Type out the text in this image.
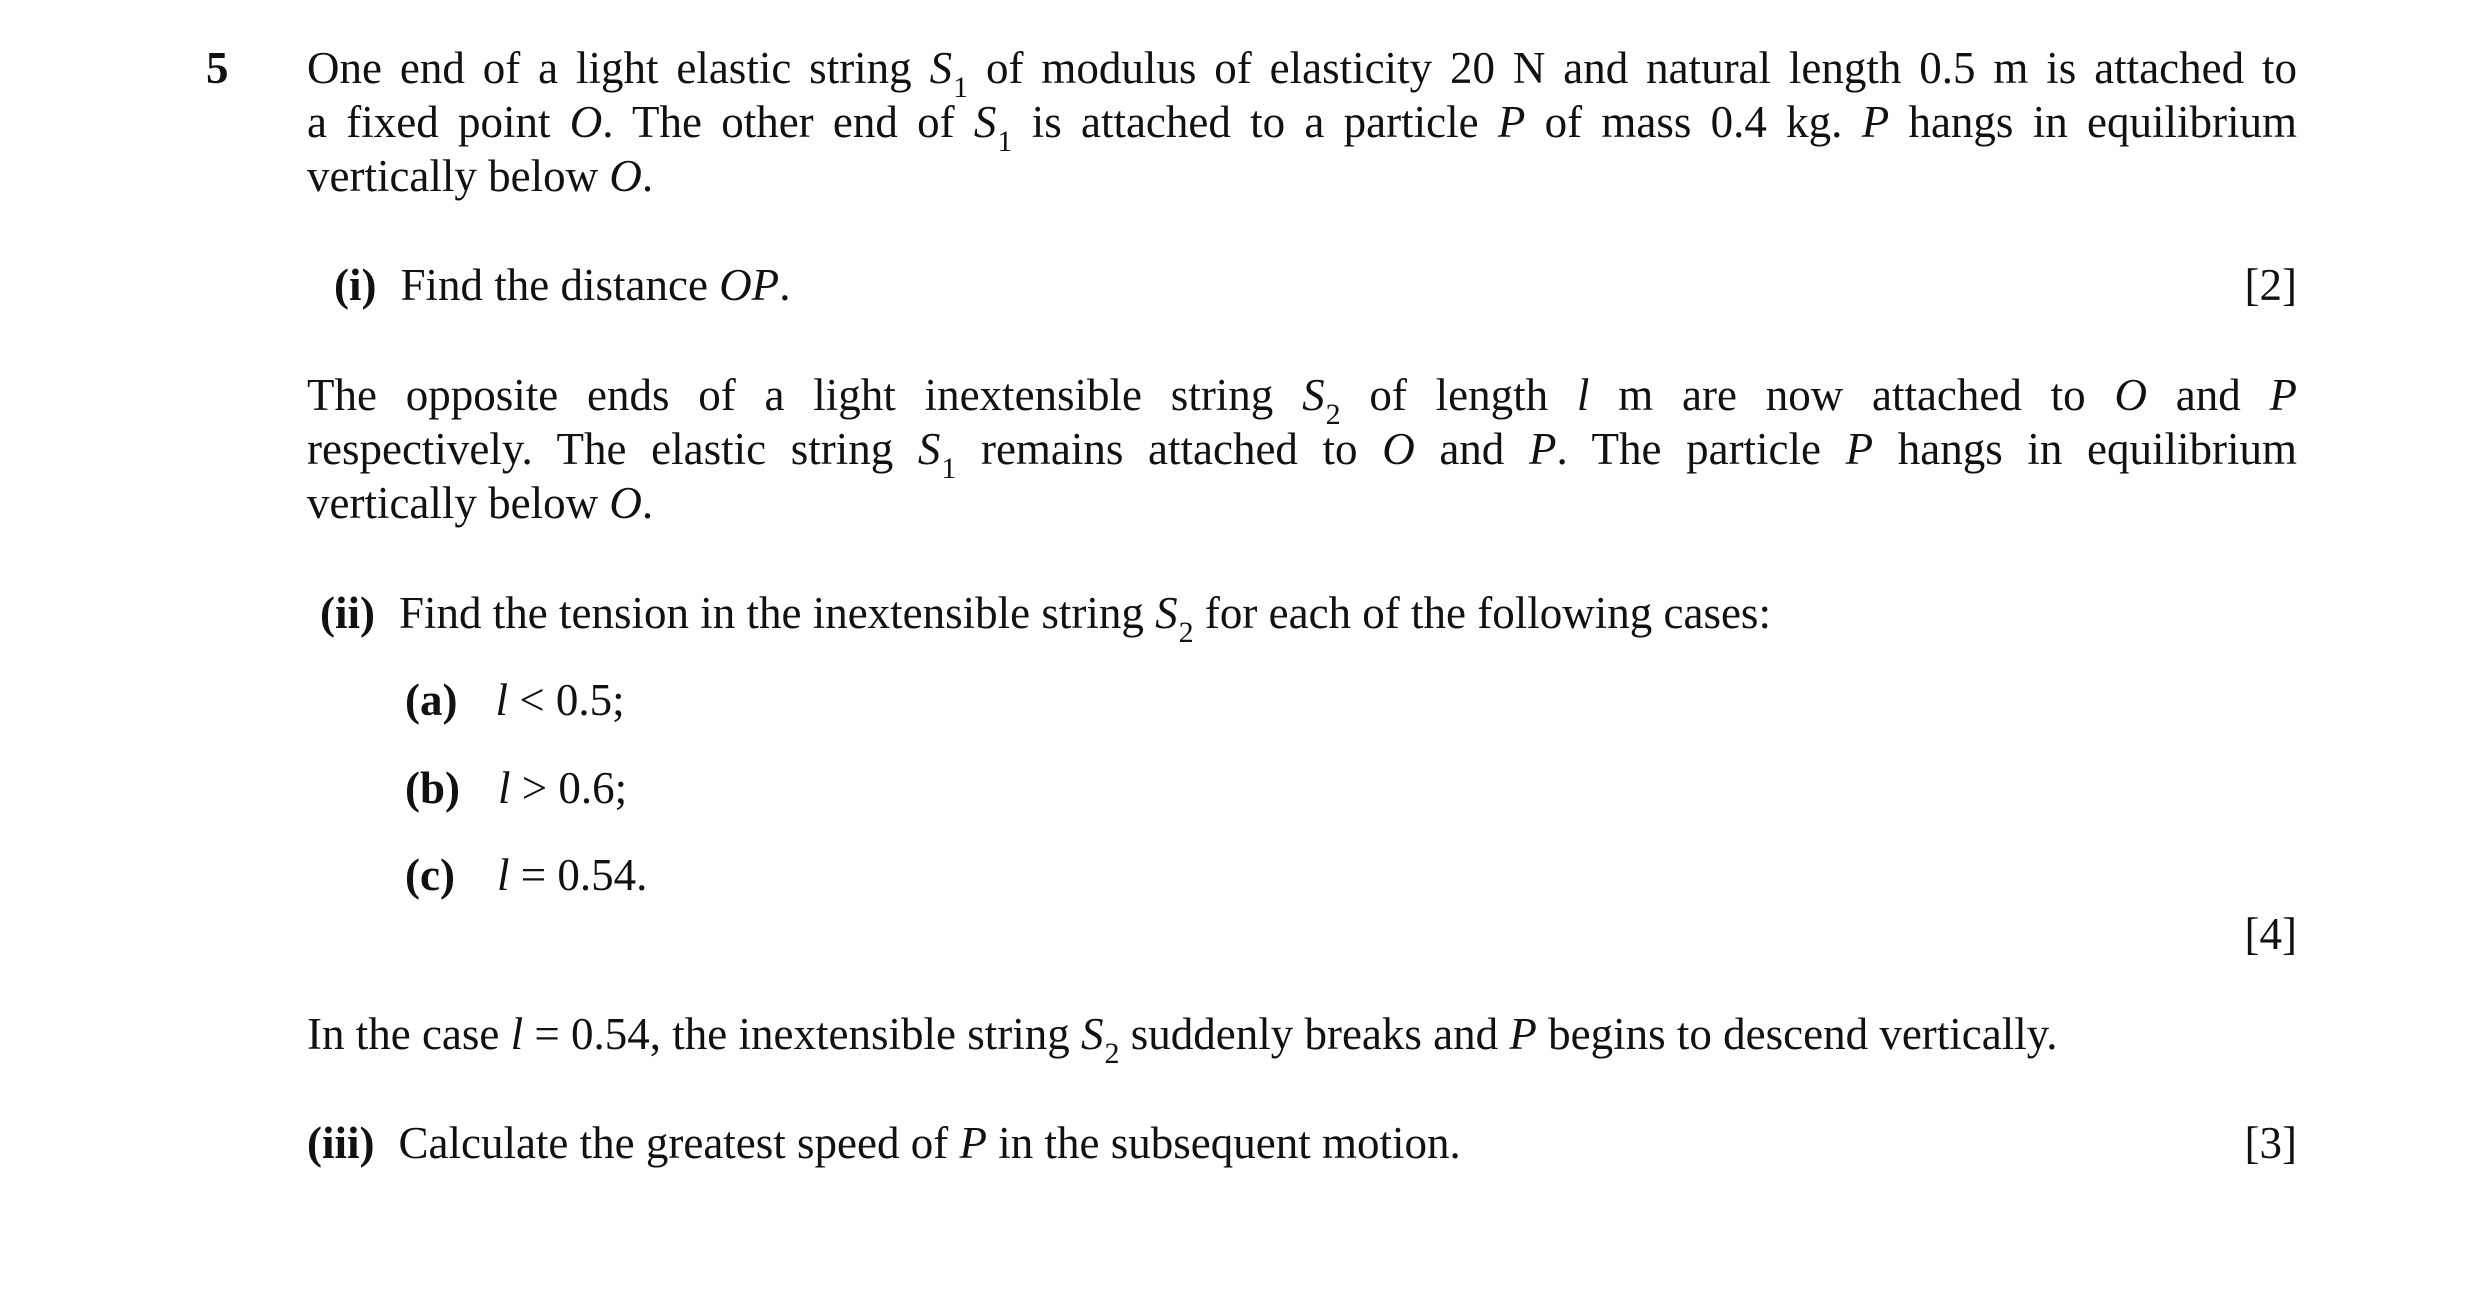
5 One end of a light elastic string $S_1$ of modulus of elasticity 20 N and natural length 0.5 m is attached to
a fixed point O. The other end of $S_1$ is attached to a particle P of mass 0.4 kg. P hangs in equilibrium
vertically below O.
(i) Find the distance OP.	[2]
The opposite ends of a light inextensible string $S_2$ of length l m are now attached to O and P
respectively. The elastic string $S_1$ remains attached to O and P. The particle P hangs in equilibrium
vertically below O.
(ii) Find the tension in the inextensible string $S_2$ for each of the following cases:
(a) l < 0.5;
(b) l > 0.6;
(c) l = 0.54.
[4]
In the case l = 0.54, the inextensible string $S_2$ suddenly breaks and P begins to descend vertically.
(iii) Calculate the greatest speed of P in the subsequent motion.	[3]
